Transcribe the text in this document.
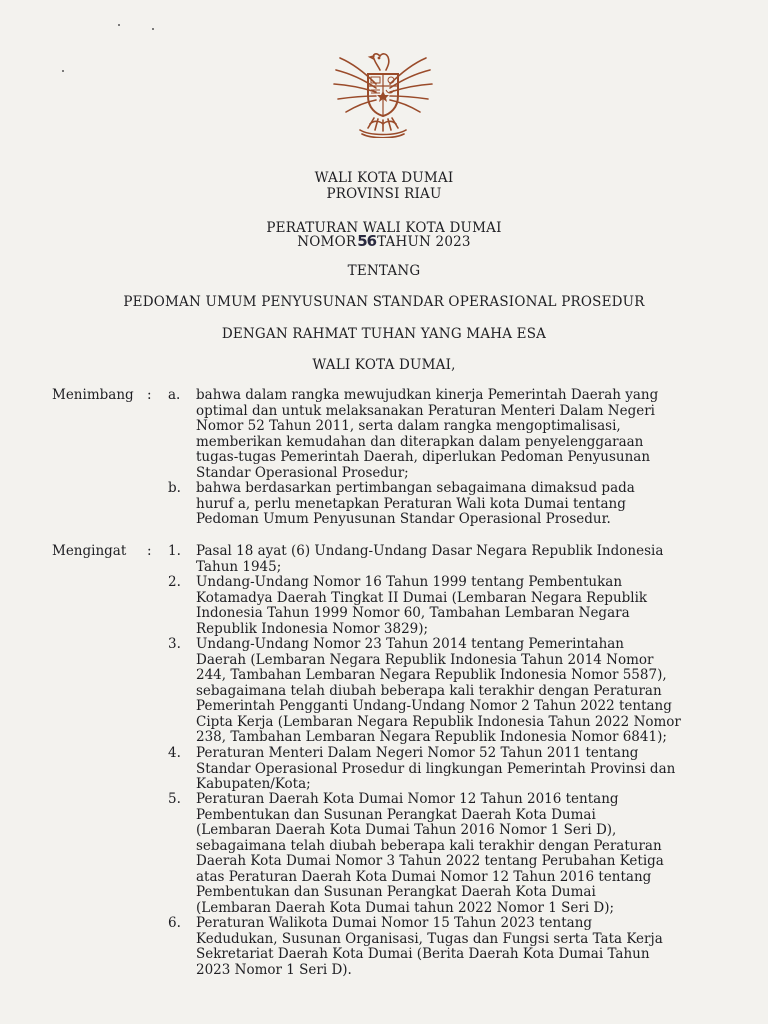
WALI KOTA DUMAI
PROVINSI RIAU
PERATURAN WALI KOTA DUMAI
NOMOR56TAHUN 2023
TENTANG
PEDOMAN UMUM PENYUSUNAN STANDAR OPERASIONAL PROSEDUR
DENGAN RAHMAT TUHAN YANG MAHA ESA
WALI KOTA DUMAI,
Menimbang : a. bahwa dalam rangka mewujudkan kinerja Pemerintah Daerah yang
optimal dan untuk melaksanakan Peraturan Menteri Dalam Negeri
Nomor 52 Tahun 2011, serta dalam rangka mengoptimalisasi,
memberikan kemudahan dan diterapkan dalam penyelenggaraan
tugas-tugas Pemerintah Daerah, diperlukan Pedoman Penyusunan
Standar Operasional Prosedur;

b. bahwa berdasarkan pertimbangan sebagaimana dimaksud pada
huruf a, perlu menetapkan Peraturan Wali kota Dumai tentang
Pedoman Umum Penyusunan Standar Operasional Prosedur.

Mengingat : 1. Pasal 18 ayat (6) Undang-Undang Dasar Negara Republik Indonesia
Tahun 1945;

2. Undang-Undang Nomor 16 Tahun 1999 tentang Pembentukan
Kotamadya Daerah Tingkat II Dumai (Lembaran Negara Republik
Indonesia Tahun 1999 Nomor 60, Tambahan Lembaran Negara
Republik Indonesia Nomor 3829);

3. Undang-Undang Nomor 23 Tahun 2014 tentang Pemerintahan
Daerah (Lembaran Negara Republik Indonesia Tahun 2014 Nomor
244, Tambahan Lembaran Negara Republik Indonesia Nomor 5587),
sebagaimana telah diubah beberapa kali terakhir dengan Peraturan
Pemerintah Pengganti Undang-Undang Nomor 2 Tahun 2022 tentang
Cipta Kerja (Lembaran Negara Republik Indonesia Tahun 2022 Nomor
238, Tambahan Lembaran Negara Republik Indonesia Nomor 6841);

4. Peraturan Menteri Dalam Negeri Nomor 52 Tahun 2011 tentang
Standar Operasional Prosedur di lingkungan Pemerintah Provinsi dan
Kabupaten/Kota;

5. Peraturan Daerah Kota Dumai Nomor 12 Tahun 2016 tentang
Pembentukan dan Susunan Perangkat Daerah Kota Dumai
(Lembaran Daerah Kota Dumai Tahun 2016 Nomor 1 Seri D),
sebagaimana telah diubah beberapa kali terakhir dengan Peraturan
Daerah Kota Dumai Nomor 3 Tahun 2022 tentang Perubahan Ketiga
atas Peraturan Daerah Kota Dumai Nomor 12 Tahun 2016 tentang
Pembentukan dan Susunan Perangkat Daerah Kota Dumai
(Lembaran Daerah Kota Dumai tahun 2022 Nomor 1 Seri D);

6. Peraturan Walikota Dumai Nomor 15 Tahun 2023 tentang
Kedudukan, Susunan Organisasi, Tugas dan Fungsi serta Tata Kerja
Sekretariat Daerah Kota Dumai (Berita Daerah Kota Dumai Tahun
2023 Nomor 1 Seri D).
